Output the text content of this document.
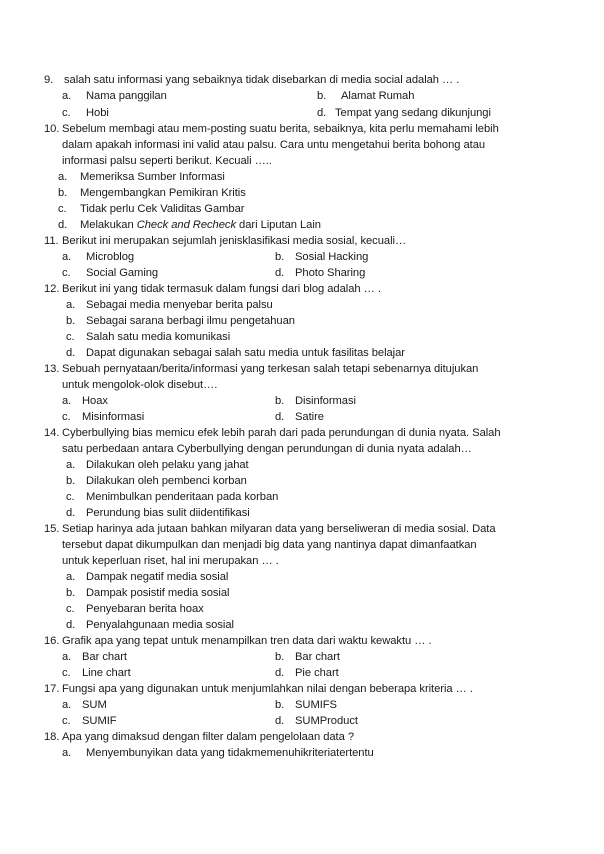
9. salah satu informasi yang sebaiknya tidak disebarkan di media social adalah … .
a. Nama panggilan	b. Alamat Rumah
c. Hobi	d. Tempat yang sedang dikunjungi
10. Sebelum membagi atau mem-posting suatu berita, sebaiknya, kita perlu memahami lebih
dalam apakah informasi ini valid atau palsu. Cara untu mengetahui berita bohong atau
informasi palsu seperti berikut. Kecuali …..
a. Memeriksa Sumber Informasi
b. Mengembangkan Pemikiran Kritis
c. Tidak perlu Cek Validitas Gambar
d. Melakukan Check and Recheck dari Liputan Lain
11. Berikut ini merupakan sejumlah jenisklasifikasi media sosial, kecuali…
a. Microblog	b. Sosial Hacking
c. Social Gaming	d. Photo Sharing
12. Berikut ini yang tidak termasuk dalam fungsi dari blog adalah … .
a. Sebagai media menyebar berita palsu
b. Sebagai sarana berbagi ilmu pengetahuan
c. Salah satu media komunikasi
d. Dapat digunakan sebagai salah satu media untuk fasilitas belajar
13. Sebuah pernyataan/berita/informasi yang terkesan salah tetapi sebenarnya ditujukan
untuk mengolok-olok disebut….
a. Hoax	b. Disinformasi
c. Misinformasi	d. Satire
14. Cyberbullying bias memicu efek lebih parah dari pada perundungan di dunia nyata. Salah
satu perbedaan antara Cyberbullying dengan perundungan di dunia nyata adalah…
a. Dilakukan oleh pelaku yang jahat
b. Dilakukan oleh pembenci korban
c. Menimbulkan penderitaan pada korban
d. Perundung bias sulit diidentifikasi
15. Setiap harinya ada jutaan bahkan milyaran data yang berseliweran di media sosial. Data
tersebut dapat dikumpulkan dan menjadi big data yang nantinya dapat dimanfaatkan
untuk keperluan riset, hal ini merupakan … .
a. Dampak negatif media sosial
b. Dampak posistif media sosial
c. Penyebaran berita hoax
d. Penyalahgunaan media sosial
16. Grafik apa yang tepat untuk menampilkan tren data dari waktu kewaktu … .
a. Bar chart	b. Bar chart
c. Line chart	d. Pie chart
17. Fungsi apa yang digunakan untuk menjumlahkan nilai dengan beberapa kriteria … .
a. SUM	b. SUMIFS
c. SUMIF	d. SUMProduct
18. Apa yang dimaksud dengan filter dalam pengelolaan data ?
a. Menyembunyikan data yang tidakmemenuhikriteriatertentu
